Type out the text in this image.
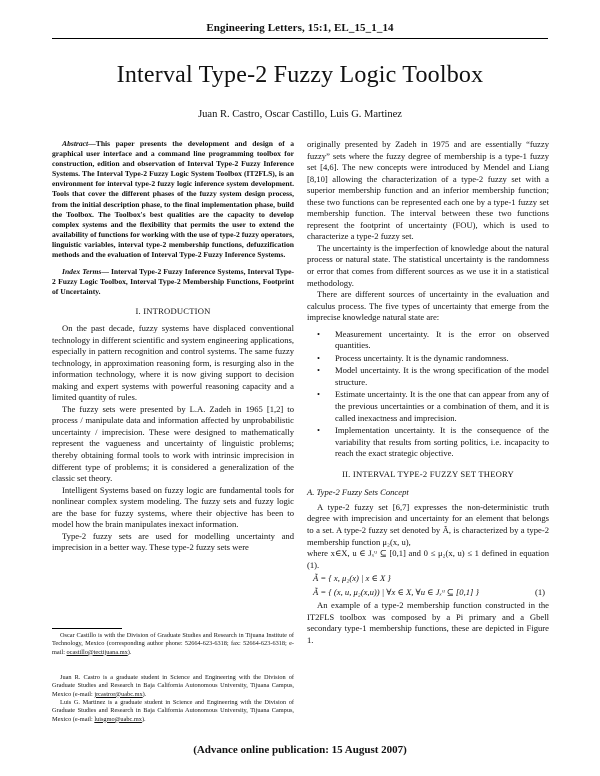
Engineering Letters, 15:1, EL_15_1_14
Interval Type-2 Fuzzy Logic Toolbox
Juan R. Castro, Oscar Castillo, Luis G. Martinez

Abstract—This paper presents the development and design of a graphical user interface and a command line programming toolbox for construction, edition and observation of Interval Type-2 Fuzzy Inference Systems. The Interval Type-2 Fuzzy Logic System Toolbox (IT2FLS), is an environment for interval type-2 fuzzy logic inference system development. Tools that cover the different phases of the fuzzy system design process, from the initial description phase, to the final implementation phase, build the Toolbox. The Toolbox's best qualities are the capacity to develop complex systems and the flexibility that permits the user to extend the availability of functions for working with the use of type-2 fuzzy operators, linguistic variables, interval type-2 membership functions, defuzzification methods and the evaluation of Interval Type-2 Fuzzy Inference Systems.

Index Terms— Interval Type-2 Fuzzy Inference Systems, Interval Type-2 Fuzzy Logic Toolbox, Interval Type-2 Membership Functions, Footprint of Uncertainty.

I. INTRODUCTION

On the past decade, fuzzy systems have displaced conventional technology in different scientific and system engineering applications, especially in pattern recognition and control systems. The same fuzzy technology, in approximation reasoning form, is resurging also in the information technology, where it is now giving support to decision making and expert systems with powerful reasoning capacity and a limited quantity of rules.

The fuzzy sets were presented by L.A. Zadeh in 1965 [1,2] to process / manipulate data and information affected by unprobabilistic uncertainty / imprecision. These were designed to mathematically represent the vagueness and uncertainty of linguistic problems; thereby obtaining formal tools to work with intrinsic imprecision in different type of problems; it is considered a generalization of the classic set theory.

Intelligent Systems based on fuzzy logic are fundamental tools for nonlinear complex system modeling. The fuzzy sets and fuzzy logic are the base for fuzzy systems, where their objective has been to model how the brain manipulates inexact information.

Type-2 fuzzy sets are used for modelling uncertainty and imprecision in a better way. These type-2 fuzzy sets were

Oscar Castillo is with the Division of Graduate Studies and Research in Tijuana Institute of Technology, Mexico (corresponding author phone: 52664-623-6318; fax: 52664-623-6318; e-mail: ocastillo@tectijuana.mx).

Juan R. Castro is a graduate student in Science and Engineering with the Division of Graduate Studies and Research in Baja California Autonomous University, Tijuana Campus, Mexico (e-mail: jrcastror@uabc.mx).

Luis G. Martinez is a graduate student in Science and Engineering with the Division of Graduate Studies and Research in Baja California Autonomous University, Tijuana Campus, Mexico (e-mail: luisgmo@uabc.mx).

originally presented by Zadeh in 1975 and are essentially “fuzzy fuzzy” sets where the fuzzy degree of membership is a type-1 fuzzy set [4,6]. The new concepts were introduced by Mendel and Liang [8,10] allowing the characterization of a type-2 fuzzy set with a superior membership function and an inferior membership function; these two functions can be represented each one by a type-1 fuzzy set membership function. The interval between these two functions represent the footprint of uncertainty (FOU), which is used to characterize a type-2 fuzzy set.

The uncertainty is the imperfection of knowledge about the natural process or natural state. The statistical uncertainty is the randomness or error that comes from different sources as we use it in a statistical methodology.

There are different sources of uncertainty in the evaluation and calculus process. The five types of uncertainty that emerge from the imprecise knowledge natural state are:

• Measurement uncertainty. It is the error on observed quantities.
• Process uncertainty. It is the dynamic randomness.
• Model uncertainty. It is the wrong specification of the model structure.
• Estimate uncertainty. It is the one that can appear from any of the previous uncertainties or a combination of them, and it is called inexactness and imprecision.
• Implementation uncertainty. It is the consequence of the variability that results from sorting politics, i.e. incapacity to reach the exact strategic objective.
II. INTERVAL TYPE-2 FUZZY SET THEORY
A. Type-2 Fuzzy Sets Concept

A type-2 fuzzy set [6,7] expresses the non-deterministic truth degree with imprecision and uncertainty for an element that belongs to a set. A type-2 fuzzy set denoted by Ã, is characterized by a type-2 membership function μ₂(x, u),

where x∈X, u ∈ Jₓᵘ ⊆ [0,1] and 0 ≤ μ₂(x, u) ≤ 1 defined in equation (1).

Ã = { x, μ₂(x) | x ∈ X }
Ã = { (x, u, μ₂(x,u)) | ∀x ∈ X, ∀u ∈ Jₓᵘ ⊆ [0,1] }	(1)

An example of a type-2 membership function constructed in the IT2FLS toolbox was composed by a Pi primary and a Gbell secondary type-1 membership functions, these are depicted in Figure 1.

(Advance online publication: 15 August 2007)
